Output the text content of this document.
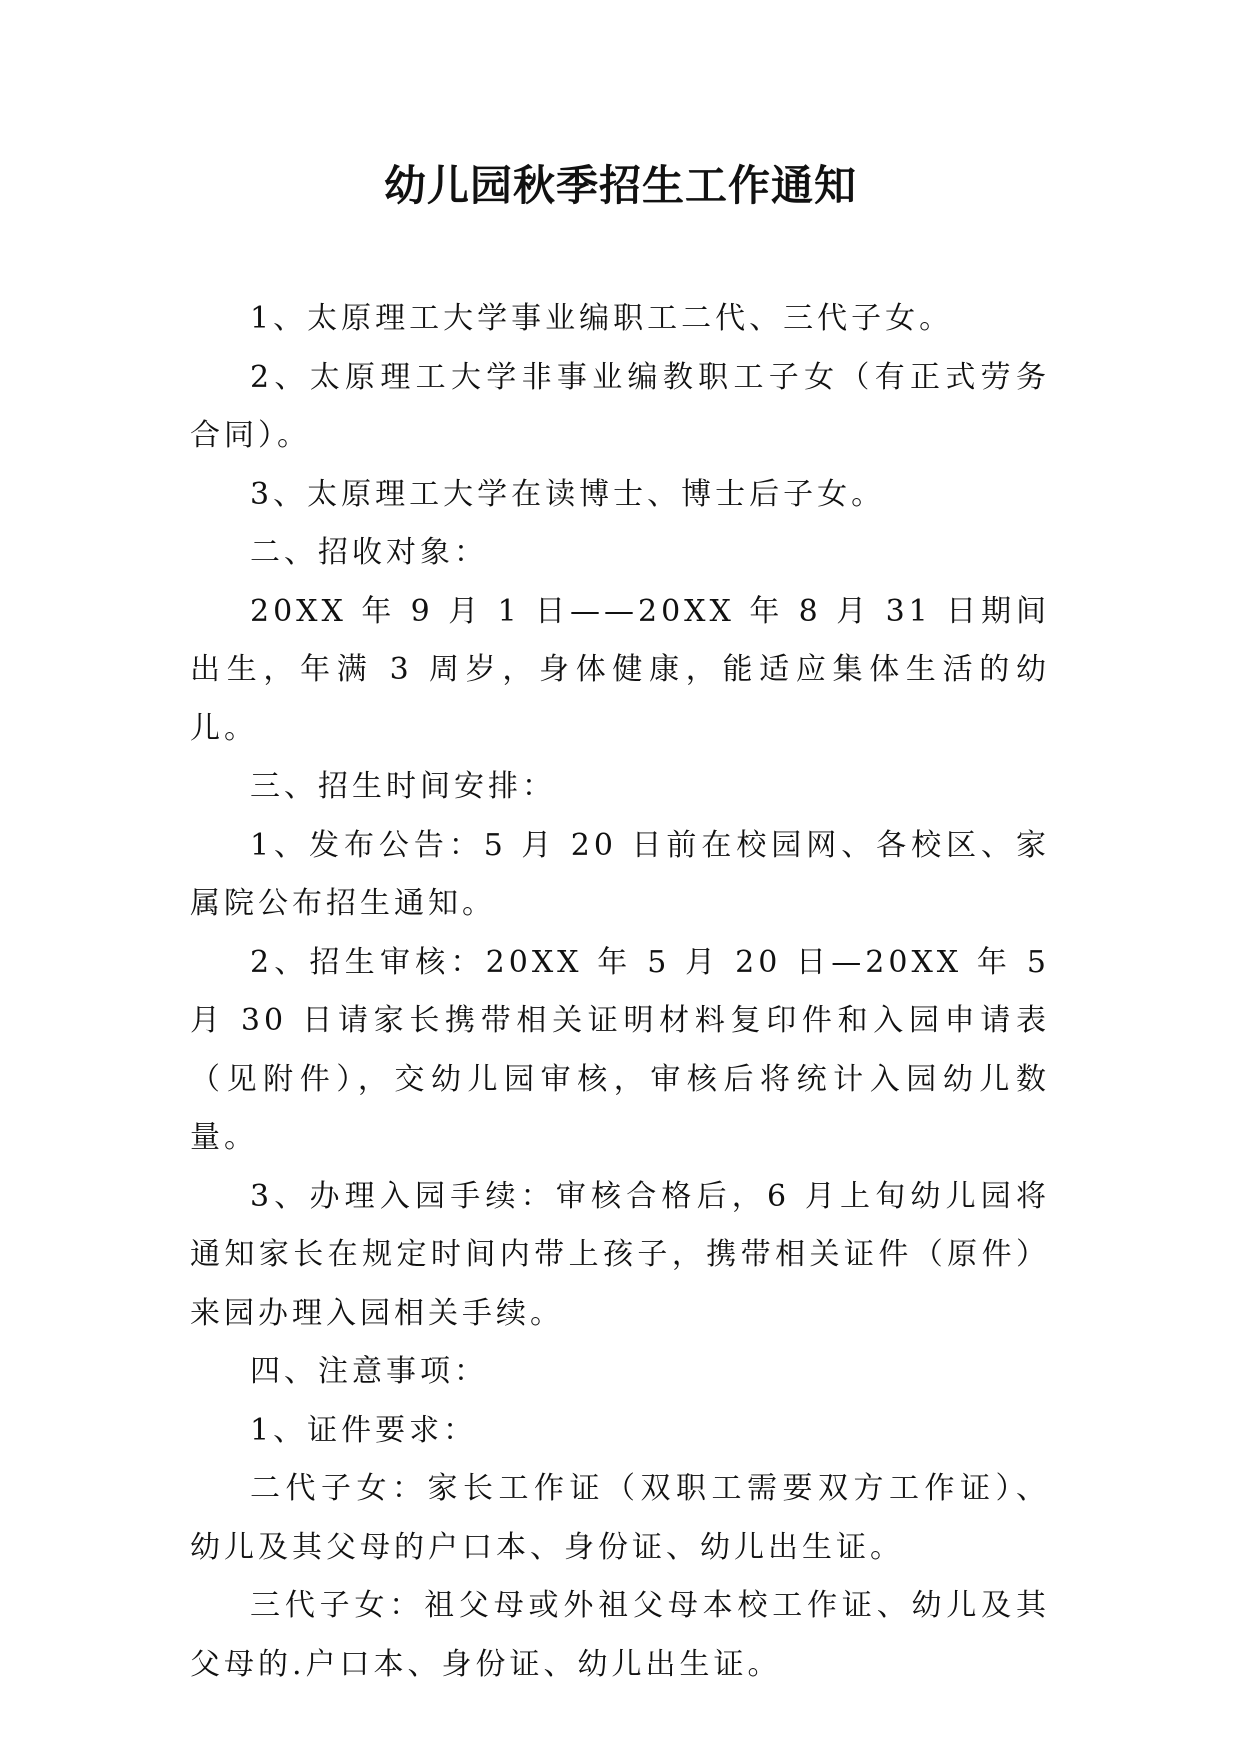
幼儿园秋季招生工作通知

1、太原理工大学事业编职工二代、三代子女。

2、太原理工大学非事业编教职工子女（有正式劳务合同）。

3、太原理工大学在读博士、博士后子女。

二、招收对象：

20XX 年 9 月 1 日——20XX 年 8 月 31 日期间出生，年满 3 周岁，身体健康，能适应集体生活的幼儿。

三、招生时间安排：

1、发布公告：5 月 20 日前在校园网、各校区、家属院公布招生通知。

2、招生审核：20XX 年 5 月 20 日—20XX 年 5 月 30 日请家长携带相关证明材料复印件和入园申请表（见附件），交幼儿园审核，审核后将统计入园幼儿数量。

3、办理入园手续：审核合格后，6 月上旬幼儿园将通知家长在规定时间内带上孩子，携带相关证件（原件）来园办理入园相关手续。

四、注意事项：

1、证件要求：

二代子女：家长工作证（双职工需要双方工作证）、幼儿及其父母的户口本、身份证、幼儿出生证。

三代子女：祖父母或外祖父母本校工作证、幼儿及其父母的.户口本、身份证、幼儿出生证。
